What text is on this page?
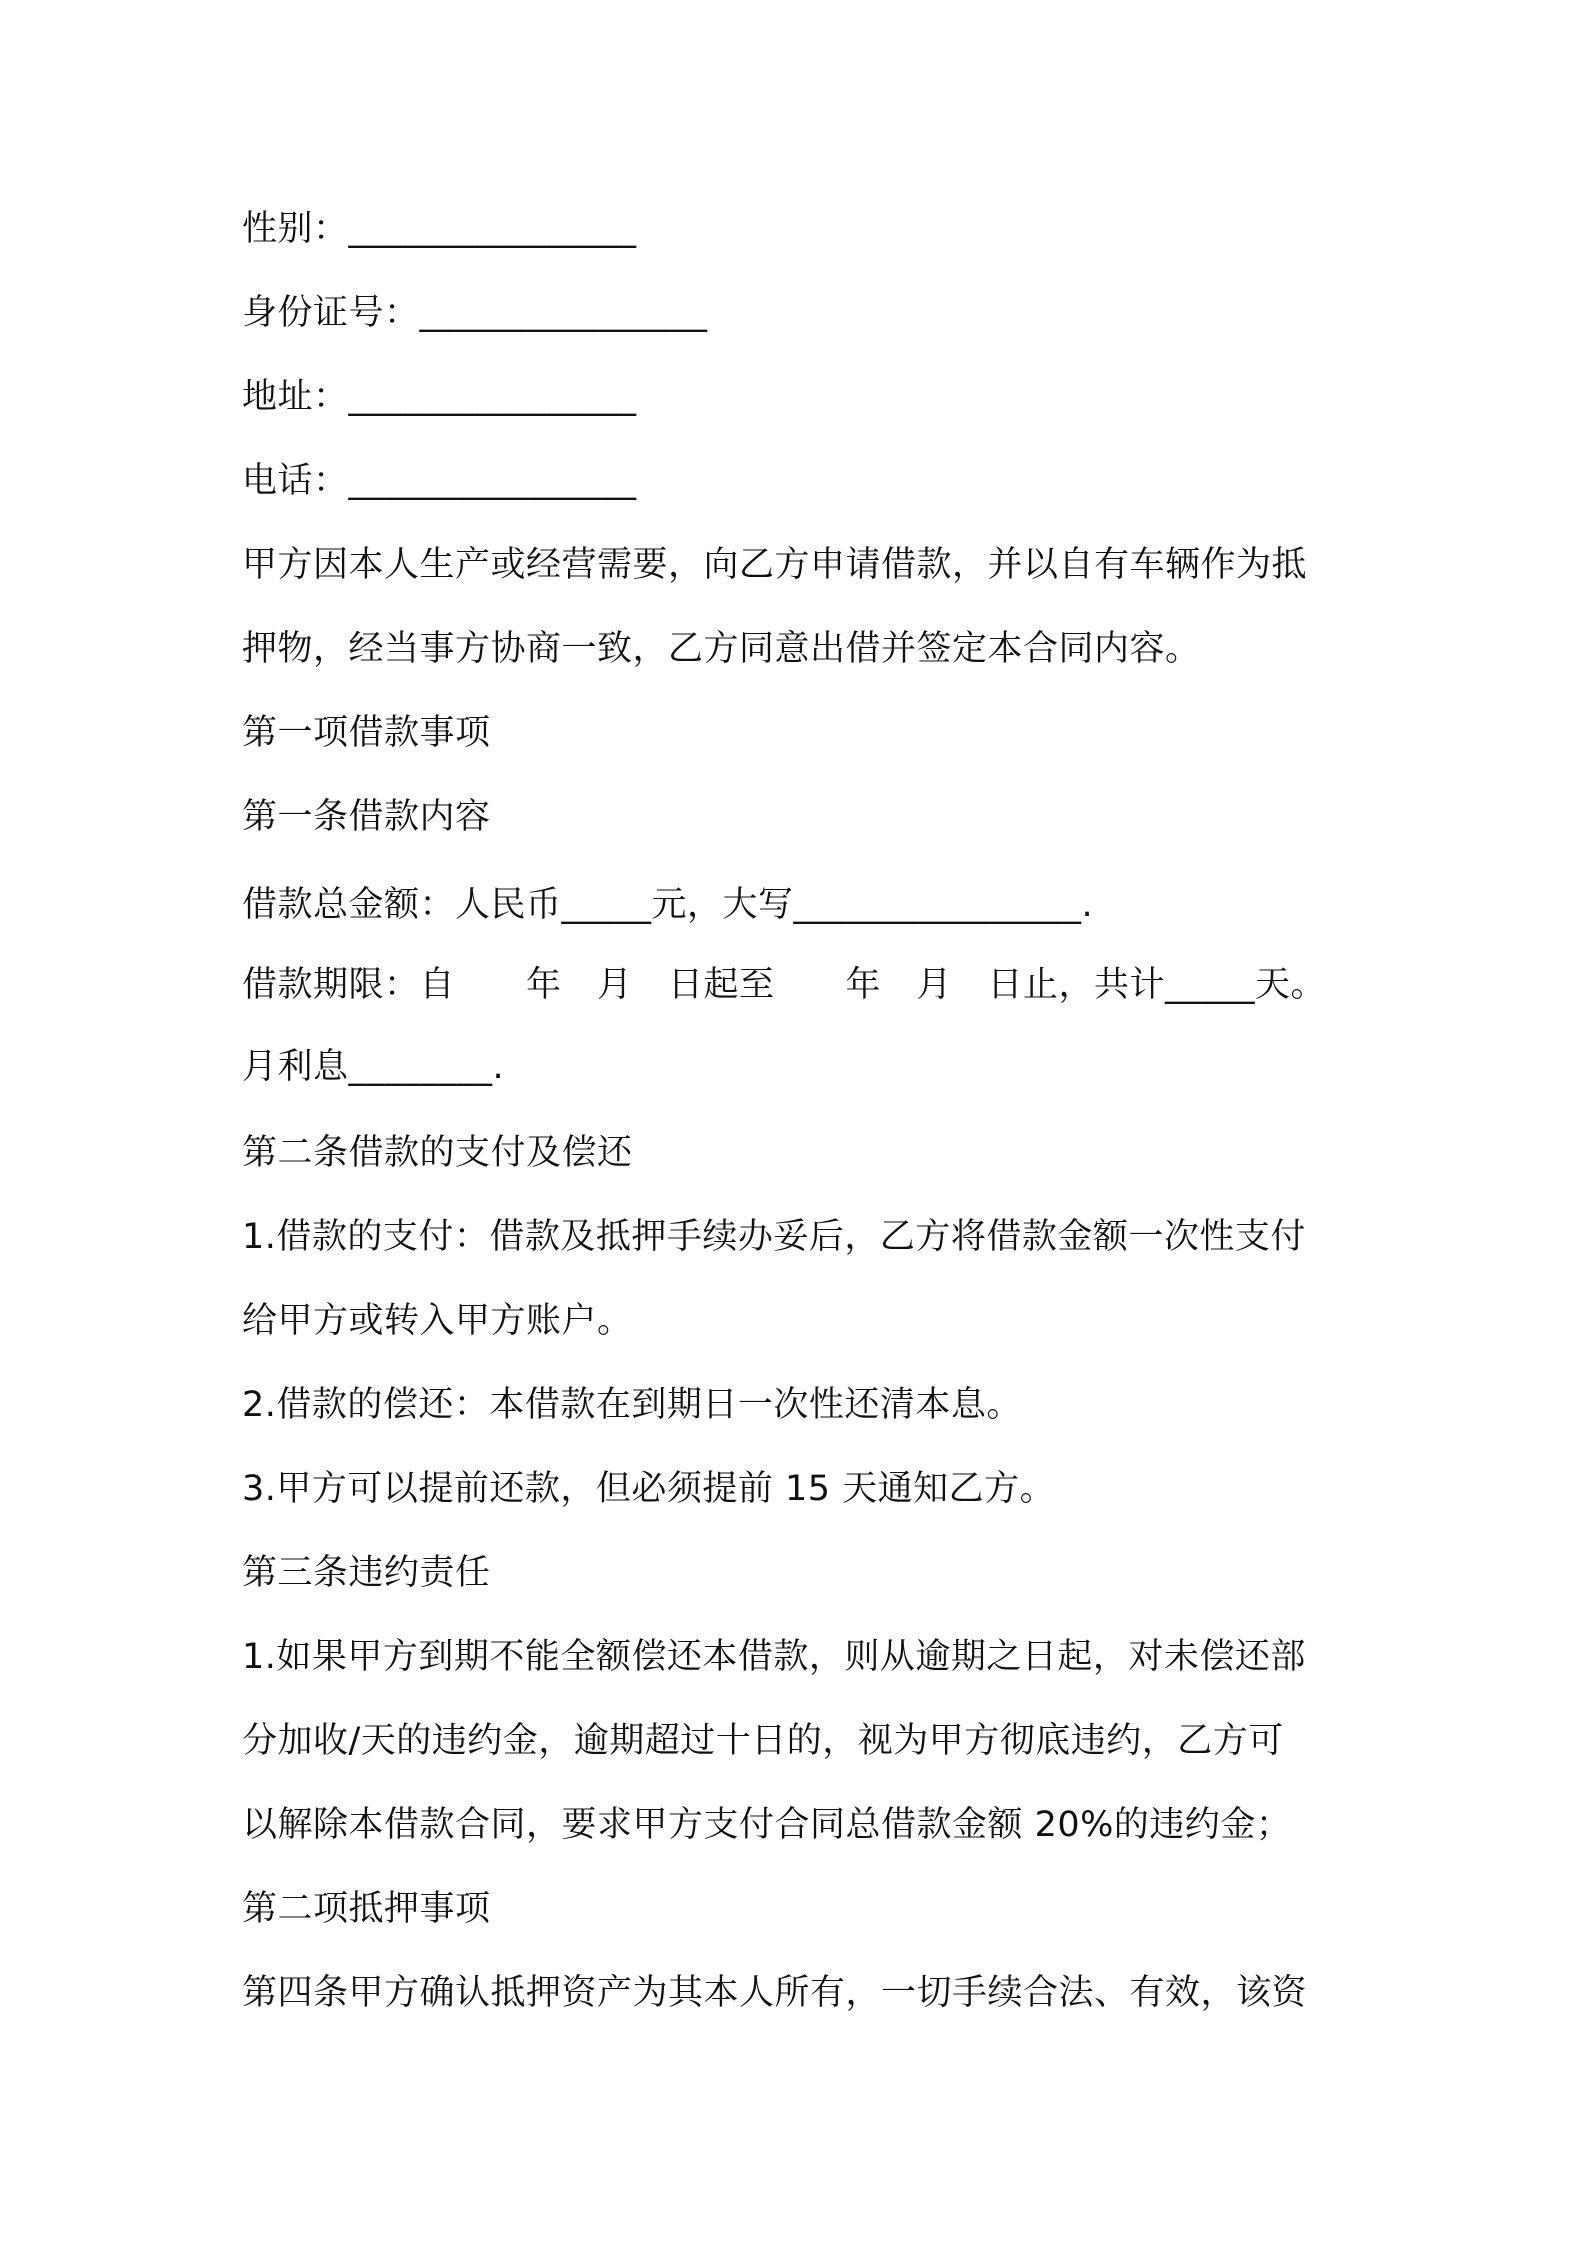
性别：________________
身份证号：________________
地址：________________
电话：________________
甲方因本人生产或经营需要，向乙方申请借款，并以自有车辆作为抵
押物，经当事方协商一致，乙方同意出借并签定本合同内容。
第一项借款事项
第一条借款内容
借款总金额：人民币_____元，大写________________.
借款期限：自　　年　月　日起至　　年　月　日止，共计_____天。
月利息________.
第二条借款的支付及偿还
1.借款的支付：借款及抵押手续办妥后，乙方将借款金额一次性支付
给甲方或转入甲方账户。
2.借款的偿还：本借款在到期日一次性还清本息。
3.甲方可以提前还款，但必须提前 15 天通知乙方。
第三条违约责任
1.如果甲方到期不能全额偿还本借款，则从逾期之日起，对未偿还部
分加收/天的违约金，逾期超过十日的，视为甲方彻底违约，乙方可
以解除本借款合同，要求甲方支付合同总借款金额 20%的违约金；
第二项抵押事项
第四条甲方确认抵押资产为其本人所有，一切手续合法、有效，该资
